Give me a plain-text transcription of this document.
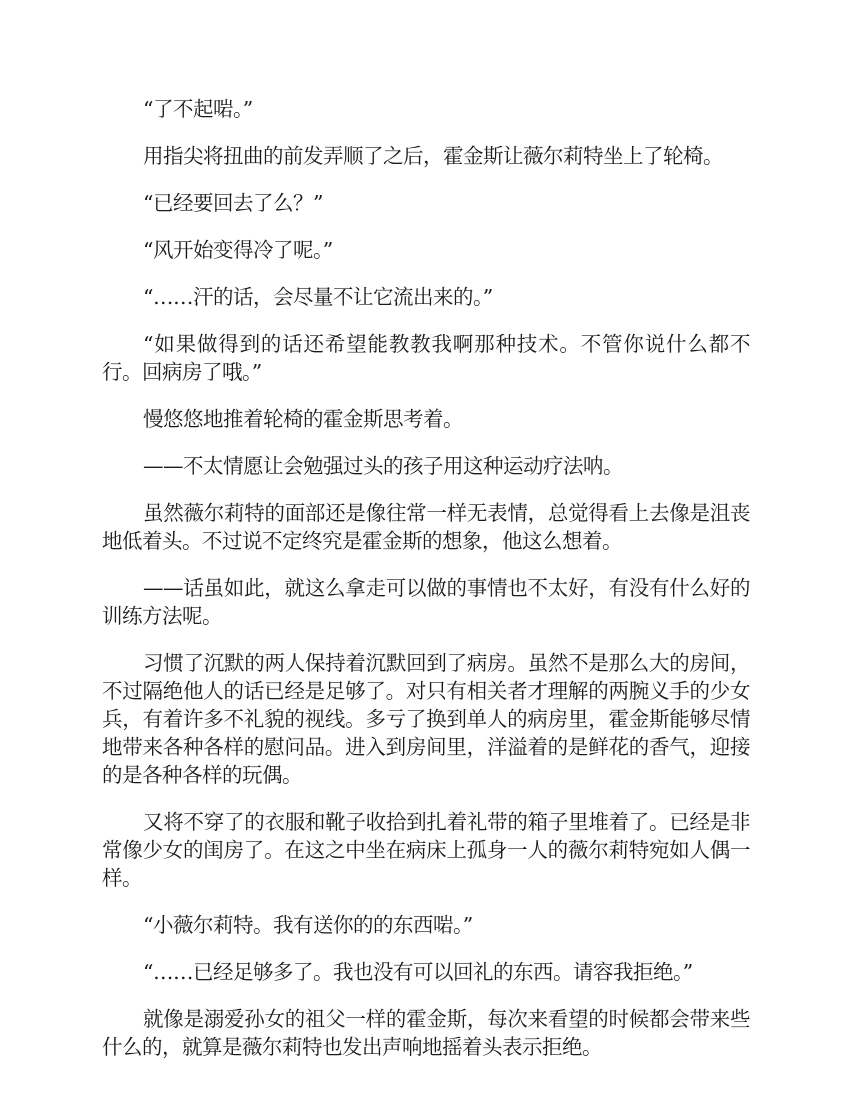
“了不起啱。”

用指尖将扭曲的前发弄顺了之后，霍金斯让薇尔莉特坐上了轮椅。

“已经要回去了么？”

“风开始变得冷了呢。”

“……汗的话，会尽量不让它流出来的。”

“如果做得到的话还希望能教教我啊那种技术。不管你说什么都不行。回病房了哦。”

慢悠悠地推着轮椅的霍金斯思考着。

——不太情愿让会勉强过头的孩子用这种运动疗法呐。

虽然薇尔莉特的面部还是像往常一样无表情，总觉得看上去像是沮丧地低着头。不过说不定终究是霍金斯的想象，他这么想着。

——话虽如此，就这么拿走可以做的事情也不太好，有没有什么好的训练方法呢。

习惯了沉默的两人保持着沉默回到了病房。虽然不是那么大的房间，不过隔绝他人的话已经是足够了。对只有相关者才理解的两腕义手的少女兵，有着许多不礼貌的视线。多亏了换到单人的病房里，霍金斯能够尽情地带来各种各样的慰问品。进入到房间里，洋溢着的是鲜花的香气，迎接的是各种各样的玩偶。

又将不穿了的衣服和靴子收拾到扎着礼带的箱子里堆着了。已经是非常像少女的闺房了。在这之中坐在病床上孤身一人的薇尔莉特宛如人偶一样。

“小薇尔莉特。我有送你的的东西啱。”

“……已经足够多了。我也没有可以回礼的东西。请容我拒绝。”

就像是溺爱孙女的祖父一样的霍金斯，每次来看望的时候都会带来些什么的，就算是薇尔莉特也发出声响地摇着头表示拒绝。
